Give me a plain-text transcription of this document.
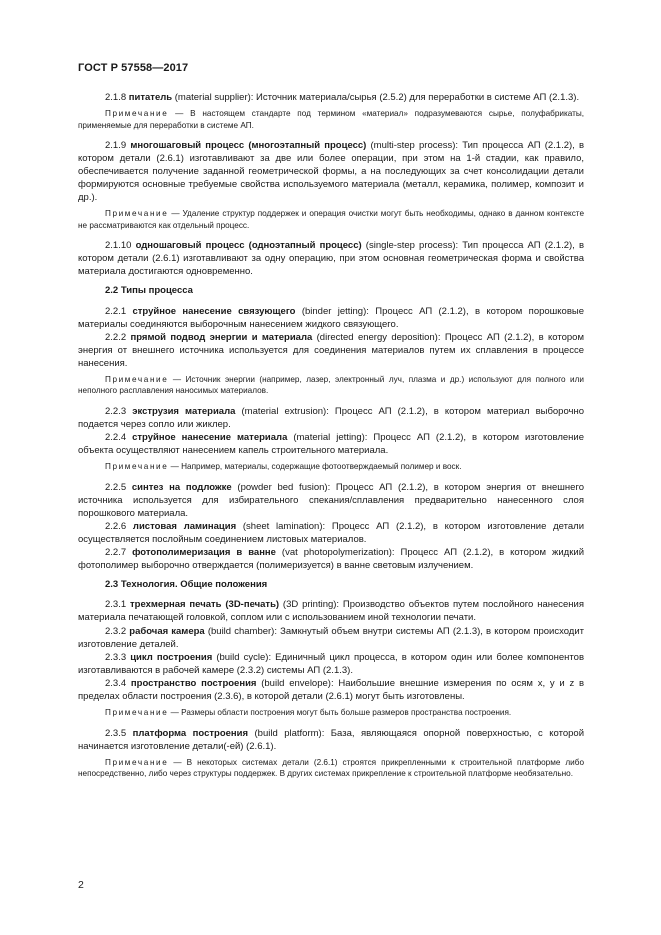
ГОСТ Р 57558—2017

2.1.8 питатель (material supplier): Источник материала/сырья (2.5.2) для переработки в системе АП (2.1.3).

Примечание — В настоящем стандарте под термином «материал» подразумеваются сырье, полуфабрикаты, применяемые для переработки в системе АП.

2.1.9 многошаговый процесс (многоэтапный процесс) (multi-step process): Тип процесса АП (2.1.2), в котором детали (2.6.1) изготавливают за две или более операции, при этом на 1-й стадии, как правило, обеспечивается получение заданной геометрической формы, а на последующих за счет консолидации детали формируются основные требуемые свойства используемого материала (металл, керамика, полимер, композит и др.).

Примечание — Удаление структур поддержек и операция очистки могут быть необходимы, однако в данном контексте не рассматриваются как отдельный процесс.

2.1.10 одношаговый процесс (одноэтапный процесс) (single-step process): Тип процесса АП (2.1.2), в котором детали (2.6.1) изготавливают за одну операцию, при этом основная геометрическая форма и свойства материала достигаются одновременно.

2.2 Типы процесса

2.2.1 струйное нанесение связующего (binder jetting): Процесс АП (2.1.2), в котором порошковые материалы соединяются выборочным нанесением жидкого связующего.

2.2.2 прямой подвод энергии и материала (directed energy deposition): Процесс АП (2.1.2), в котором энергия от внешнего источника используется для соединения материалов путем их сплавления в процессе нанесения.

Примечание — Источник энергии (например, лазер, электронный луч, плазма и др.) используют для полного или неполного расплавления наносимых материалов.

2.2.3 экструзия материала (material extrusion): Процесс АП (2.1.2), в котором материал выборочно подается через сопло или жиклер.

2.2.4 струйное нанесение материала (material jetting): Процесс АП (2.1.2), в котором изготовление объекта осуществляют нанесением капель строительного материала.

Примечание — Например, материалы, содержащие фотоотверждаемый полимер и воск.

2.2.5 синтез на подложке (powder bed fusion): Процесс АП (2.1.2), в котором энергия от внешнего источника используется для избирательного спекания/сплавления предварительно нанесенного слоя порошкового материала.

2.2.6 листовая ламинация (sheet lamination): Процесс АП (2.1.2), в котором изготовление детали осуществляется послойным соединением листовых материалов.

2.2.7 фотополимеризация в ванне (vat photopolymerization): Процесс АП (2.1.2), в котором жидкий фотополимер выборочно отверждается (полимеризуется) в ванне световым излучением.

2.3 Технология. Общие положения

2.3.1 трехмерная печать (3D-печать) (3D printing): Производство объектов путем послойного нанесения материала печатающей головкой, соплом или с использованием иной технологии печати.

2.3.2 рабочая камера (build chamber): Замкнутый объем внутри системы АП (2.1.3), в котором происходит изготовление деталей.

2.3.3 цикл построения (build cycle): Единичный цикл процесса, в котором один или более компонентов изготавливаются в рабочей камере (2.3.2) системы АП (2.1.3).

2.3.4 пространство построения (build envelope): Наибольшие внешние измерения по осям x, y и z в пределах области построения (2.3.6), в которой детали (2.6.1) могут быть изготовлены.

Примечание — Размеры области построения могут быть больше размеров пространства построения.

2.3.5 платформа построения (build platform): База, являющаяся опорной поверхностью, с которой начинается изготовление детали(-ей) (2.6.1).

Примечание — В некоторых системах детали (2.6.1) строятся прикрепленными к строительной платформе либо непосредственно, либо через структуры поддержек. В других системах прикрепление к строительной платформе необязательно.

2
